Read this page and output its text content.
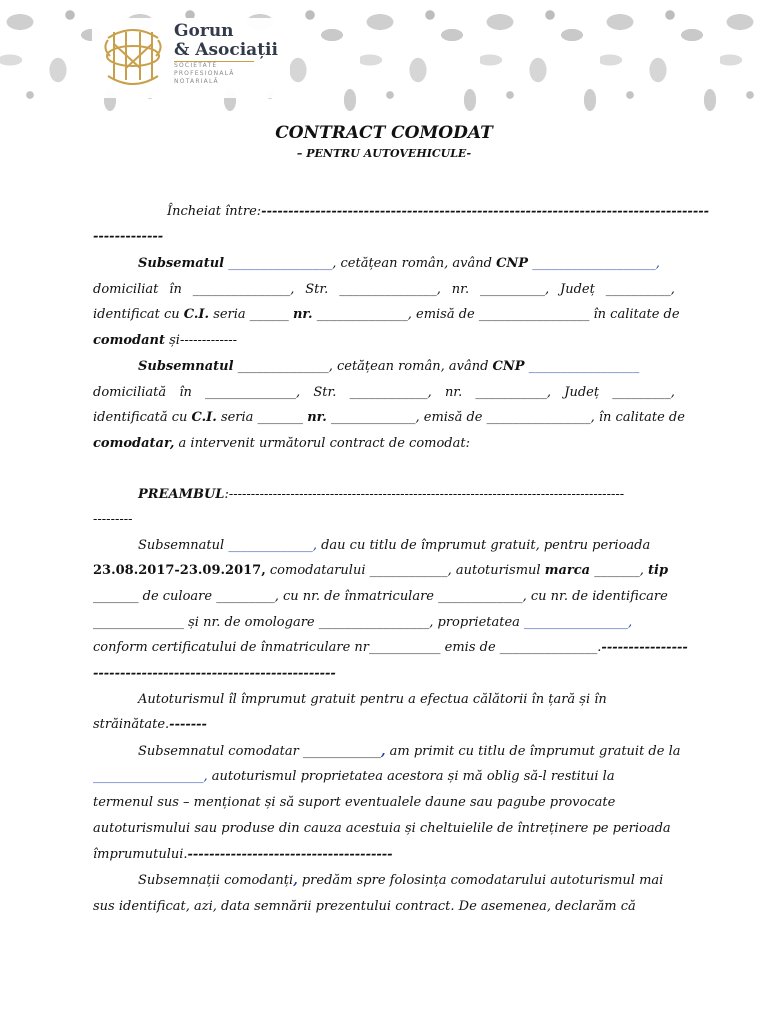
Gorun
& Asociații
SOCIETATE
PROFESIONALĂ
NOTARIALĂ
CONTRACT COMODAT
– PENTRU AUTOVEHICULE-
Încheiat între:-----------------------------------------------------------------------------------
-------------
Subsematul ________________, cetățean român, având CNP ___________________,
domiciliat în _______________, Str. _______________, nr. __________, Județ __________,
identificat cu C.I. seria ______ nr. ______________, emisă de _________________ în calitate de
comodant și-------------
Subsemnatul ______________, cetățean român, având CNP _________________
domiciliată în ______________, Str. ____________, nr. ___________, Județ _________,
identificată cu C.I. seria _______ nr. _____________, emisă de ________________, în calitate de
comodatar, a intervenit următorul contract de comodat:
PREAMBUL:------------------------------------------------------------------------------------------
---------
Subsemnatul _____________, dau cu titlu de împrumut gratuit, pentru perioada
23.08.2017-23.09.2017, comodatarului ____________, autoturismul marca _______, tip
_______ de culoare _________, cu nr. de înmatriculare _____________, cu nr. de identificare
______________ și nr. de omologare _________________, proprietatea ________________,
conform certificatului de înmatriculare nr___________ emis de _______________.----------------
---------------------------------------------
Autoturismul îl împrumut gratuit pentru a efectua călătorii în țară și în
străinătate.-------
Subsemnatul comodatar ____________, am primit cu titlu de împrumut gratuit de la
_________________, autoturismul proprietatea acestora și mă oblig să-l restitui la
termenul sus – menționat și să suport eventualele daune sau pagube provocate
autoturismului sau produse din cauza acestuia și cheltuielile de întreținere pe perioada
împrumutului.--------------------------------------
Subsemnații comodanți, predăm spre folosința comodatarului autoturismul mai
sus identificat, azi, data semnării prezentului contract. De asemenea, declarăm că
